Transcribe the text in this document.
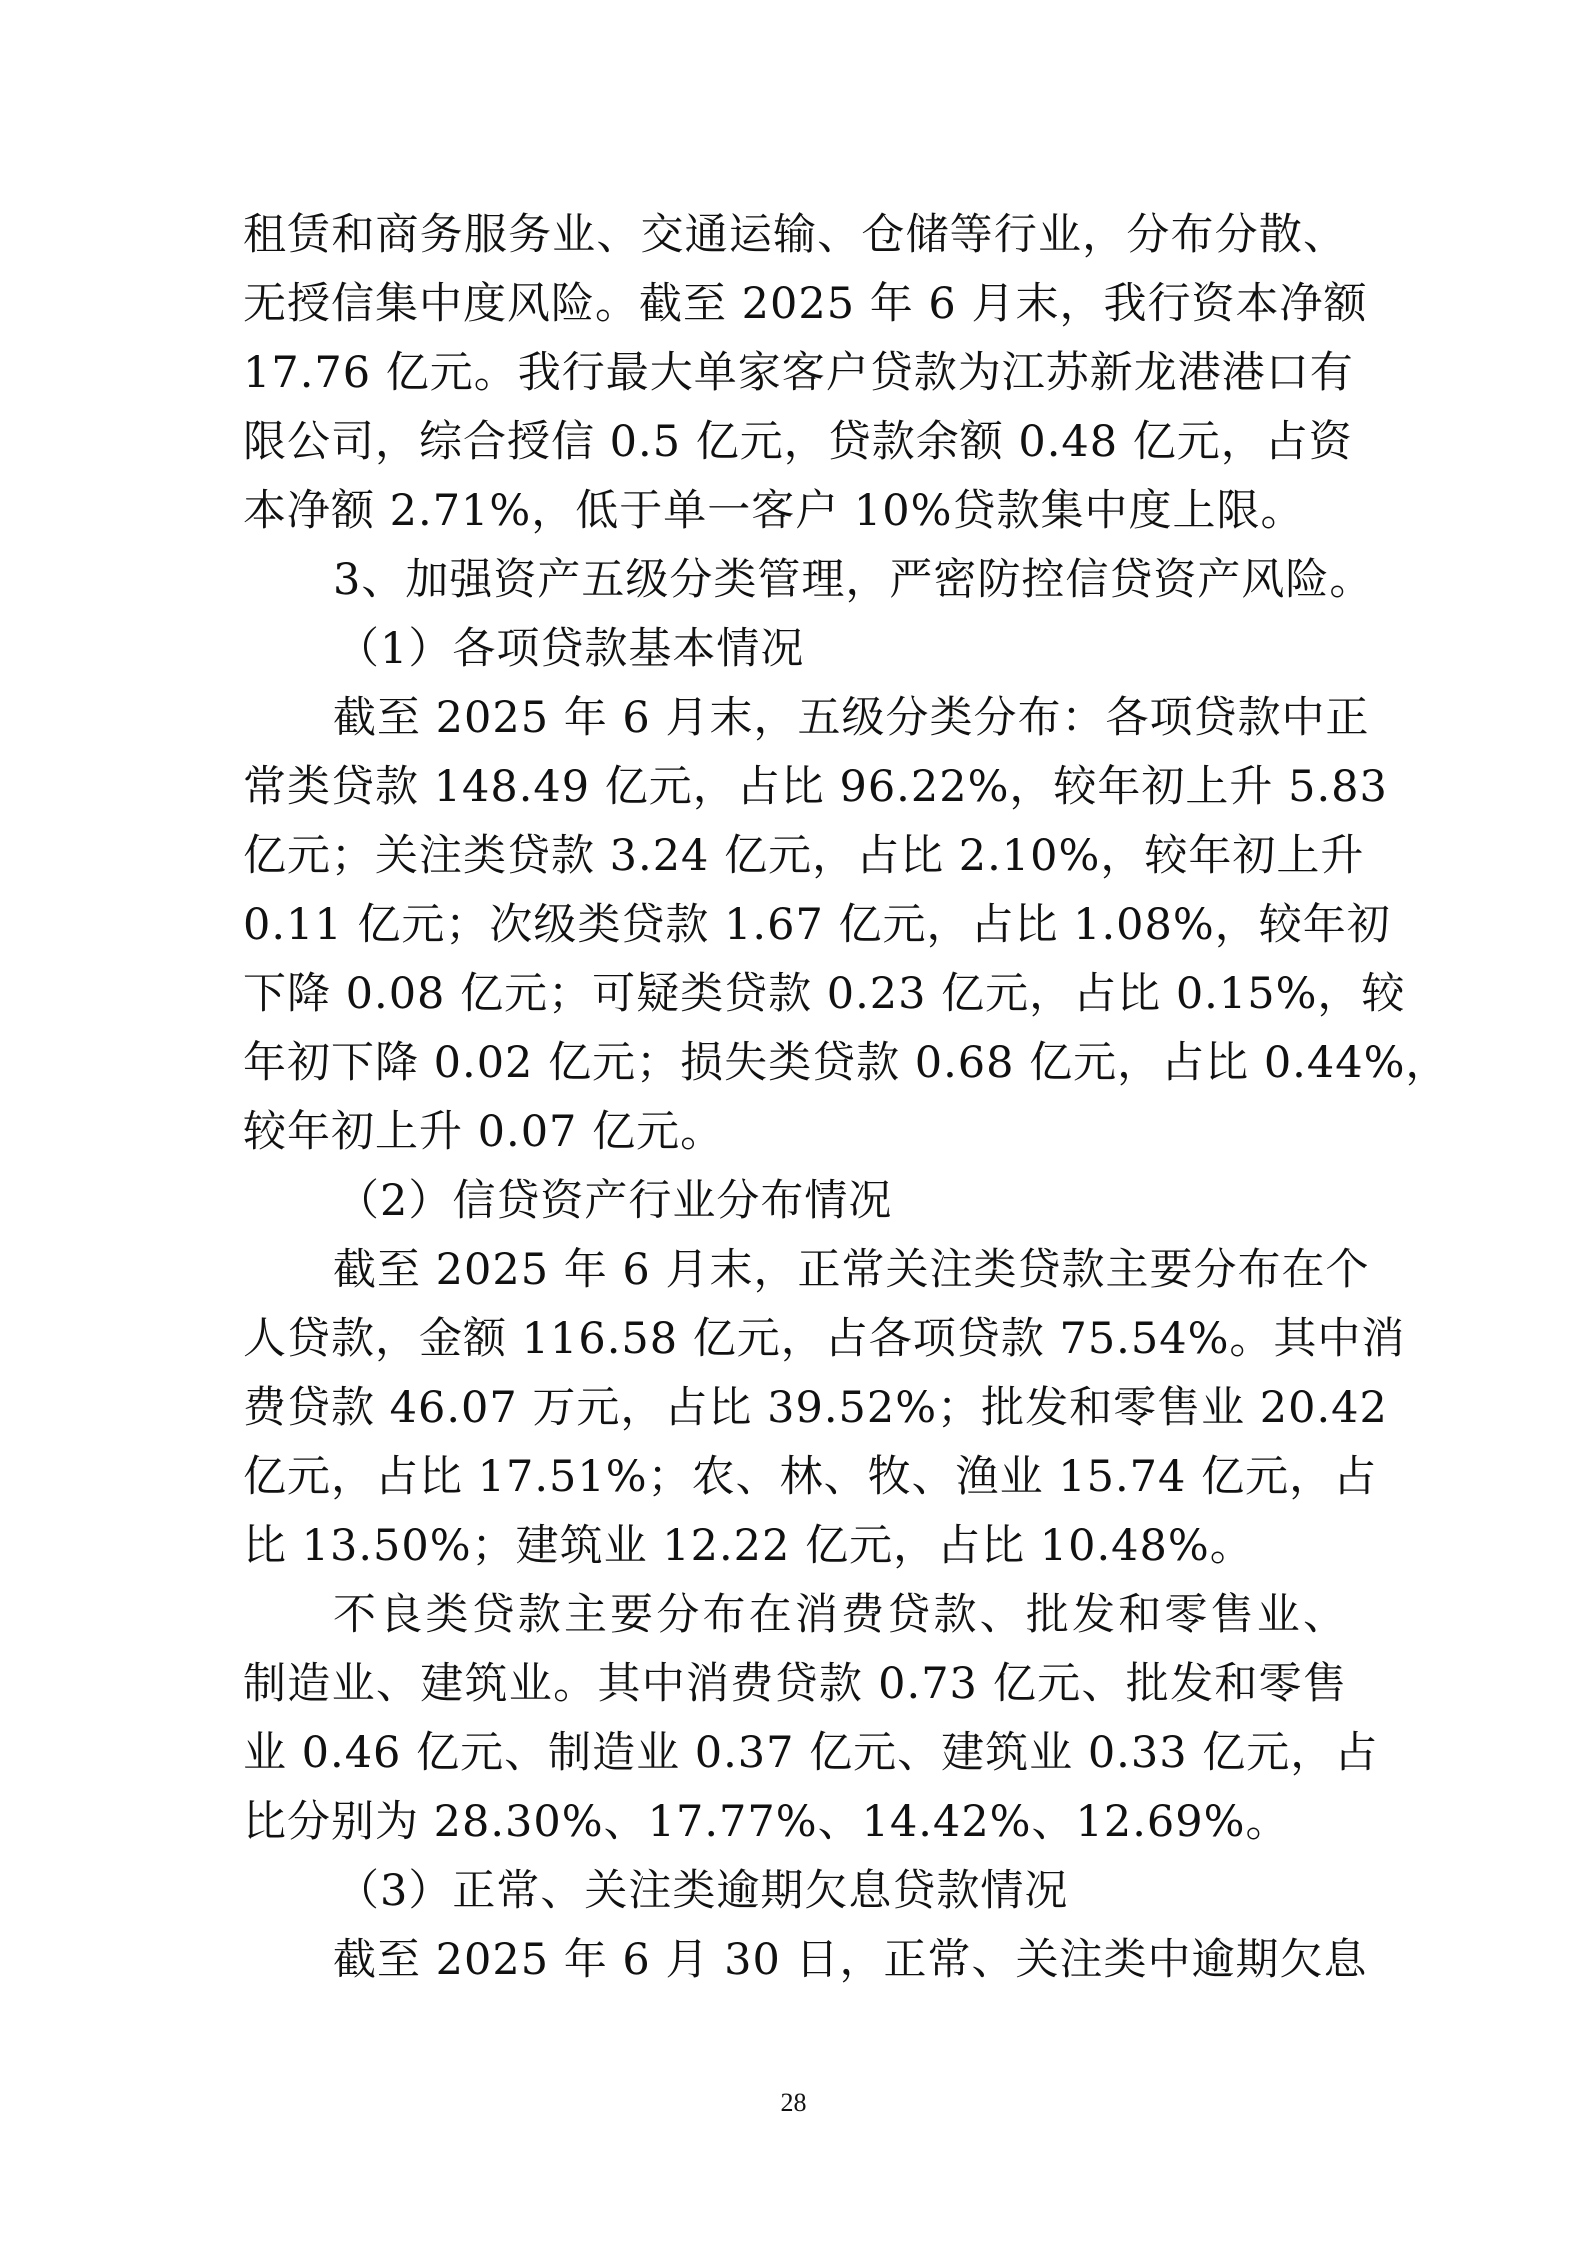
租赁和商务服务业、交通运输、仓储等行业，分布分散、
无授信集中度风险。截至 2025 年 6 月末，我行资本净额
17.76 亿元。我行最大单家客户贷款为江苏新龙港港口有
限公司，综合授信 0.5 亿元，贷款余额 0.48 亿元，占资
本净额 2.71%，低于单一客户 10%贷款集中度上限。
3、加强资产五级分类管理，严密防控信贷资产风险。
（1）各项贷款基本情况
截至 2025 年 6 月末，五级分类分布：各项贷款中正
常类贷款 148.49 亿元，占比 96.22%，较年初上升 5.83
亿元；关注类贷款 3.24 亿元，占比 2.10%，较年初上升
0.11 亿元；次级类贷款 1.67 亿元，占比 1.08%，较年初
下降 0.08 亿元；可疑类贷款 0.23 亿元，占比 0.15%，较
年初下降 0.02 亿元；损失类贷款 0.68 亿元，占比 0.44%，
较年初上升 0.07 亿元。
（2）信贷资产行业分布情况
截至 2025 年 6 月末，正常关注类贷款主要分布在个
人贷款，金额 116.58 亿元，占各项贷款 75.54%。其中消
费贷款 46.07 万元，占比 39.52%；批发和零售业 20.42
亿元，占比 17.51%；农、林、牧、渔业 15.74 亿元，占
比 13.50%；建筑业 12.22 亿元，占比 10.48%。
不良类贷款主要分布在消费贷款、批发和零售业、
制造业、建筑业。其中消费贷款 0.73 亿元、批发和零售
业 0.46 亿元、制造业 0.37 亿元、建筑业 0.33 亿元，占
比分别为 28.30%、17.77%、14.42%、12.69%。
（3）正常、关注类逾期欠息贷款情况
截至 2025 年 6 月 30 日，正常、关注类中逾期欠息
28
